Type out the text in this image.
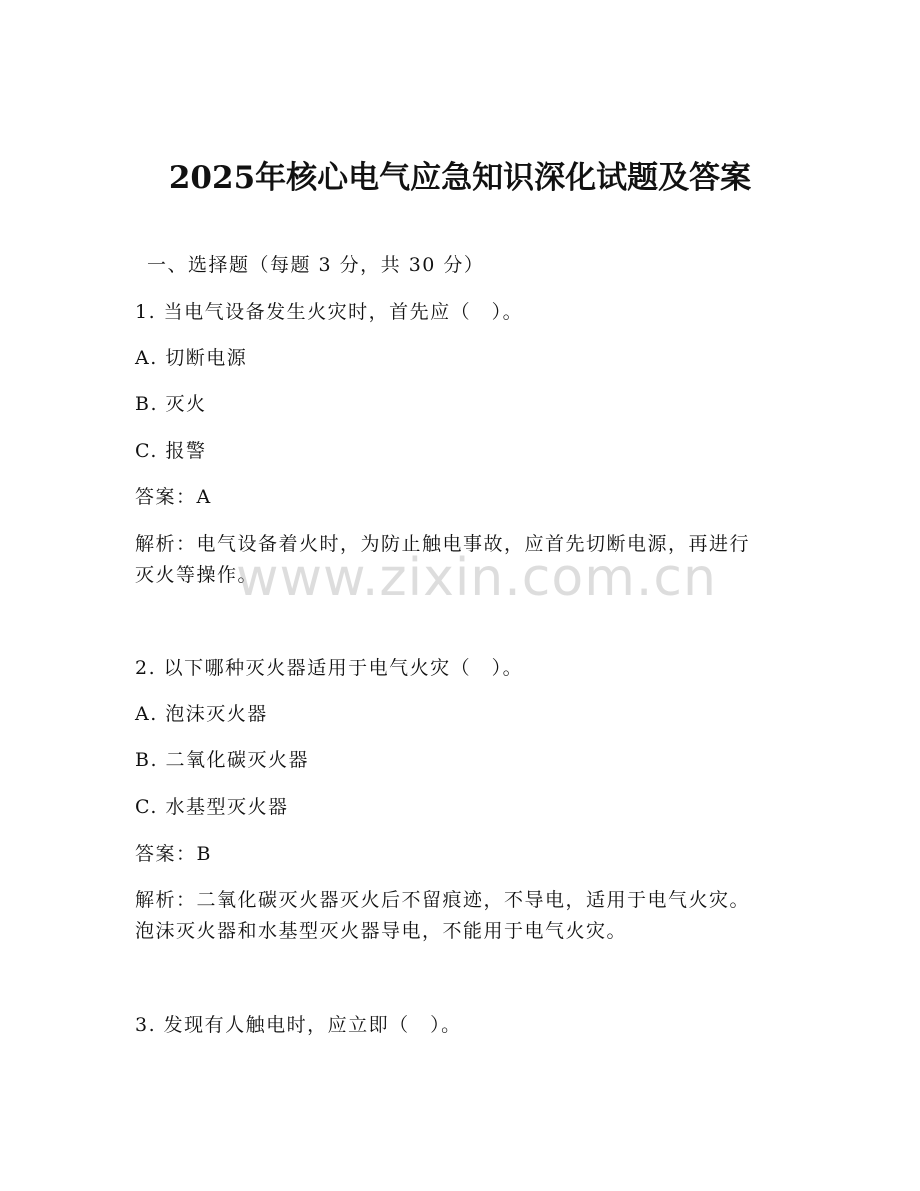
2025年核心电气应急知识深化试题及答案

一、选择题（每题 3 分，共 30 分）

1. 当电气设备发生火灾时，首先应（　）。

A. 切断电源

B. 灭火

C. 报警

答案：A

解析：电气设备着火时，为防止触电事故，应首先切断电源，再进行

灭火等操作。

2. 以下哪种灭火器适用于电气火灾（　）。

A. 泡沫灭火器

B. 二氧化碳灭火器

C. 水基型灭火器

答案：B

解析：二氧化碳灭火器灭火后不留痕迹，不导电，适用于电气火灾。

泡沫灭火器和水基型灭火器导电，不能用于电气火灾。

3. 发现有人触电时，应立即（　）。

www.zixin.com.cn
